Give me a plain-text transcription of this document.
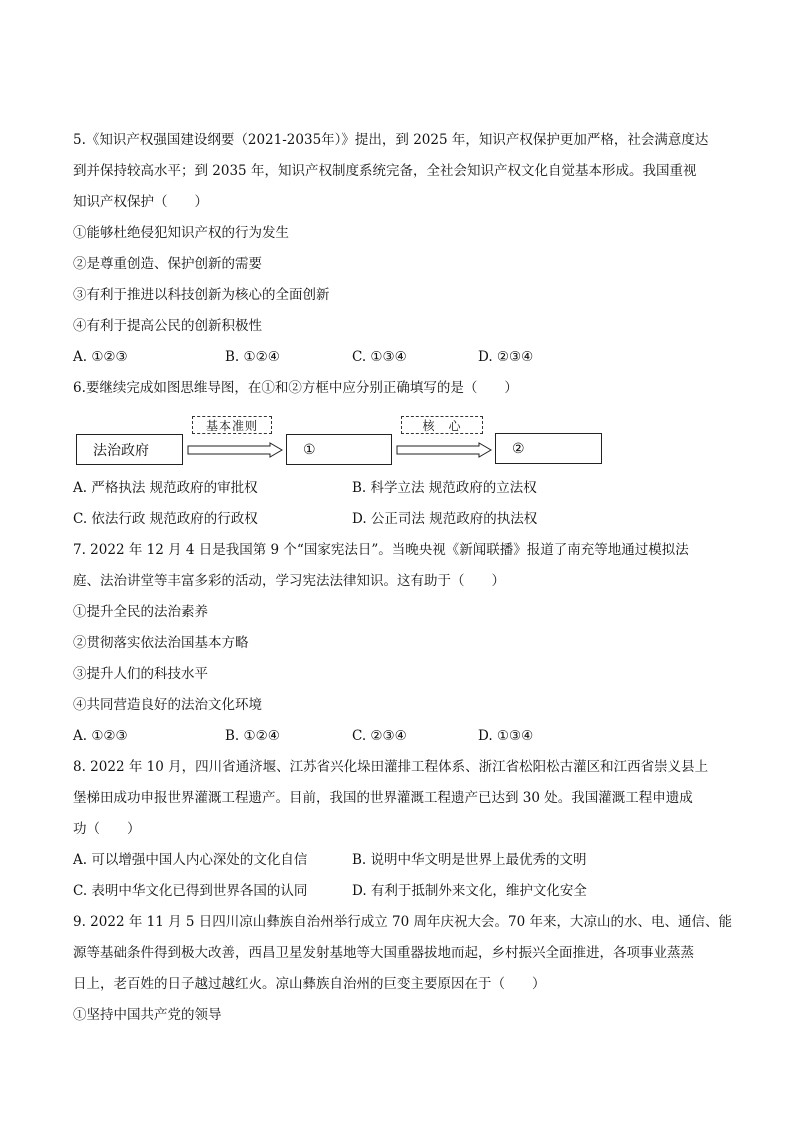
5.《知识产权强国建设纲要（2021-2035年）》提出，到 2025 年，知识产权保护更加严格，社会满意度达
到并保持较高水平；到 2035 年，知识产权制度系统完备，全社会知识产权文化自觉基本形成。我国重视
知识产权保护（　　）
①能够杜绝侵犯知识产权的行为发生
②是尊重创造、保护创新的需要
③有利于推进以科技创新为核心的全面创新
④有利于提高公民的创新积极性
A. ①②③	B. ①②④	C. ①③④	D. ②③④
6.要继续完成如图思维导图，在①和②方框中应分别正确填写的是（　　）
法治政府
基本准则
①
核　心
②
A. 严格执法 规范政府的审批权	B. 科学立法 规范政府的立法权
C. 依法行政 规范政府的行政权	D. 公正司法 规范政府的执法权
7. 2022 年 12 月 4 日是我国第 9 个“国家宪法日”。当晚央视《新闻联播》报道了南充等地通过模拟法
庭、法治讲堂等丰富多彩的活动，学习宪法法律知识。这有助于（　　）
①提升全民的法治素养
②贯彻落实依法治国基本方略
③提升人们的科技水平
④共同营造良好的法治文化环境
A. ①②③	B. ①②④	C. ②③④	D. ①③④
8. 2022 年 10 月，四川省通济堰、江苏省兴化垛田灌排工程体系、浙江省松阳松古灌区和江西省崇义县上
堡梯田成功申报世界灌溉工程遗产。目前，我国的世界灌溉工程遗产已达到 30 处。我国灌溉工程申遗成
功（　　）
A. 可以增强中国人内心深处的文化自信	B. 说明中华文明是世界上最优秀的文明
C. 表明中华文化已得到世界各国的认同	D. 有利于抵制外来文化，维护文化安全
9. 2022 年 11 月 5 日四川凉山彝族自治州举行成立 70 周年庆祝大会。70 年来，大凉山的水、电、通信、能
源等基础条件得到极大改善，西昌卫星发射基地等大国重器拔地而起，乡村振兴全面推进，各项事业蒸蒸
日上，老百姓的日子越过越红火。凉山彝族自治州的巨变主要原因在于（　　）
①坚持中国共产党的领导
